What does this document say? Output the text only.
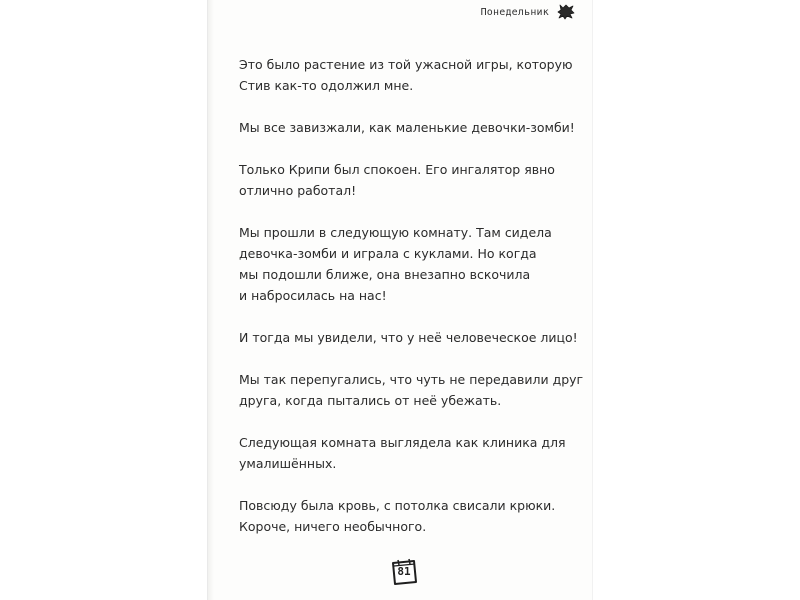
Понедельник

Это было растение из той ужасной игры, которую
Стив как-то одолжил мне.

Мы все завизжали, как маленькие девочки-зомби!

Только Крипи был спокоен. Его ингалятор явно
отлично работал!

Мы прошли в следующую комнату. Там сидела
девочка-зомби и играла с куклами. Но когда
мы подошли ближе, она внезапно вскочила
и набросилась на нас!

И тогда мы увидели, что у неё человеческое лицо!

Мы так перепугались, что чуть не передавили друг
друга, когда пытались от неё убежать.

Следующая комната выглядела как клиника для
умалишённых.

Повсюду была кровь, с потолка свисали крюки.
Короче, ничего необычного.

81
